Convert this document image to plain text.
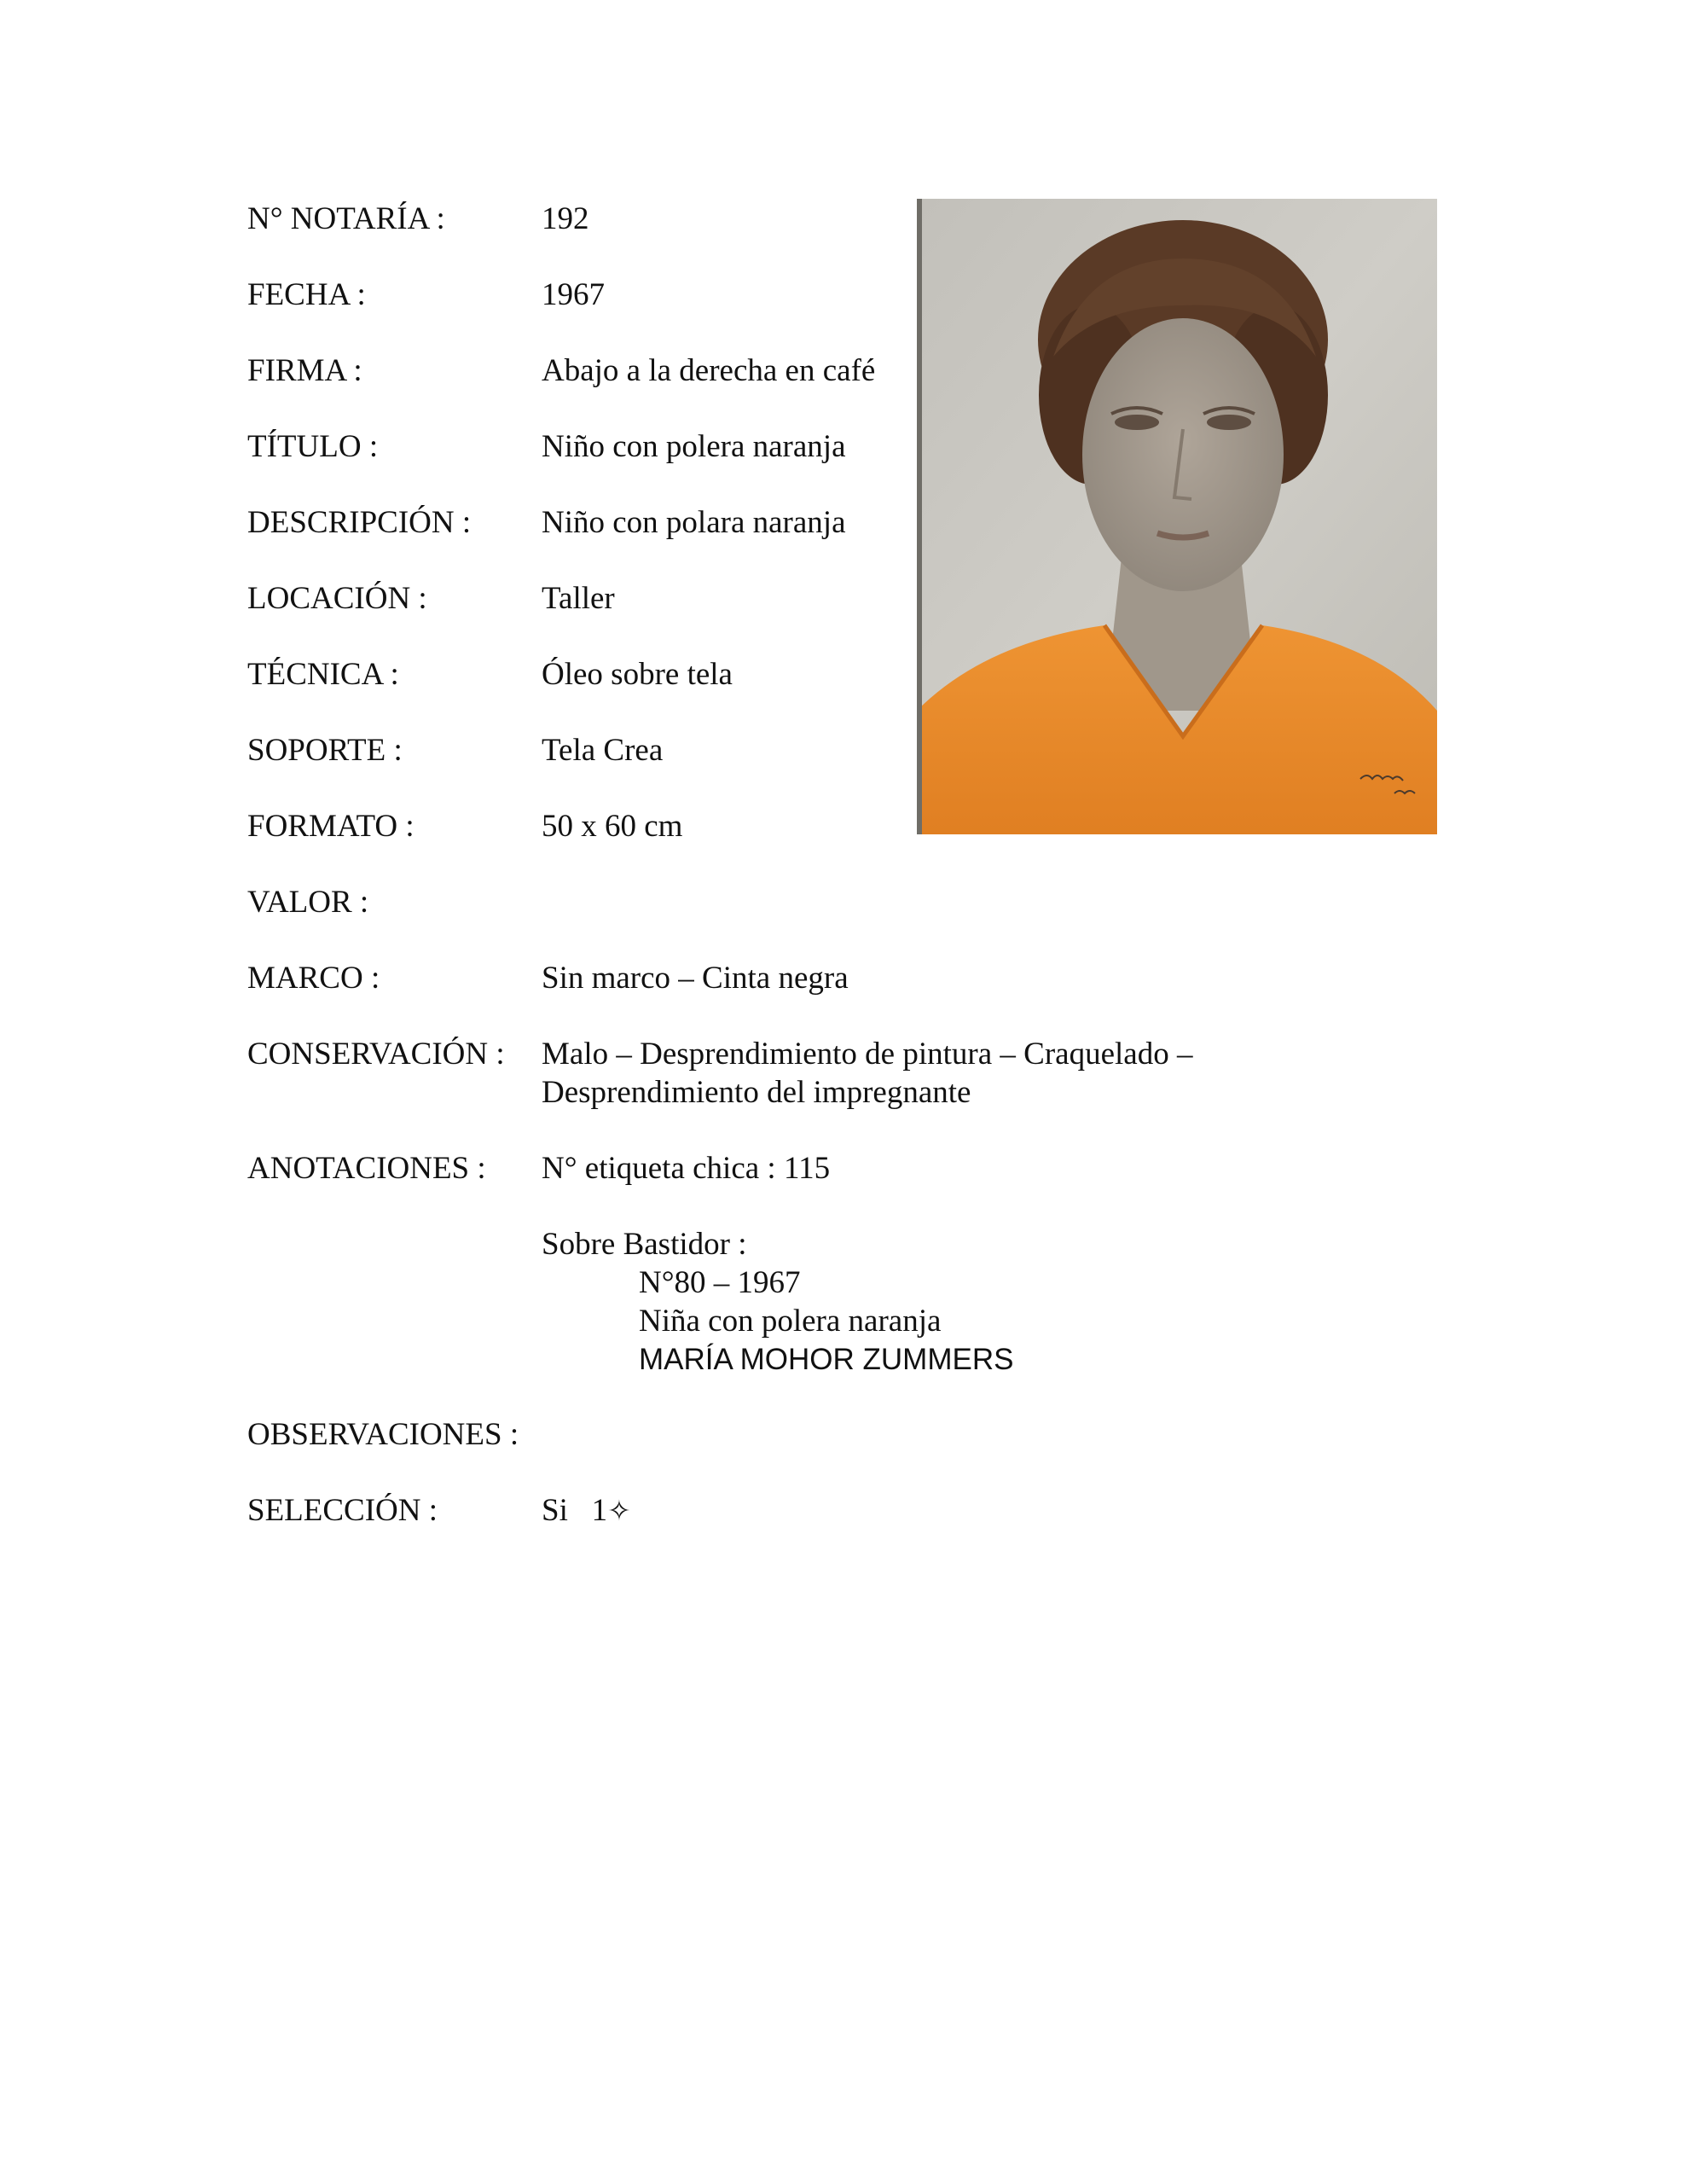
N° NOTARÍA :	192
FECHA :	1967
FIRMA :	Abajo a la derecha en café
TÍTULO :	Niño con polera naranja
DESCRIPCIÓN : Niño con polara naranja
LOCACIÓN :	Taller
TÉCNICA :	Óleo sobre tela
SOPORTE :	Tela Crea
FORMATO :	50 x 60 cm
VALOR :
MARCO :	Sin marco – Cinta negra
CONSERVACIÓN : Malo – Desprendimiento de pintura – Craquelado –
Desprendimiento del impregnante
ANOTACIONES : N° etiqueta chica : 115
Sobre Bastidor :
N°80 – 1967
Niña con polera naranja
MARÍA MOHOR ZUMMERS
OBSERVACIONES :
SELECCIÓN :	Si 1✧
